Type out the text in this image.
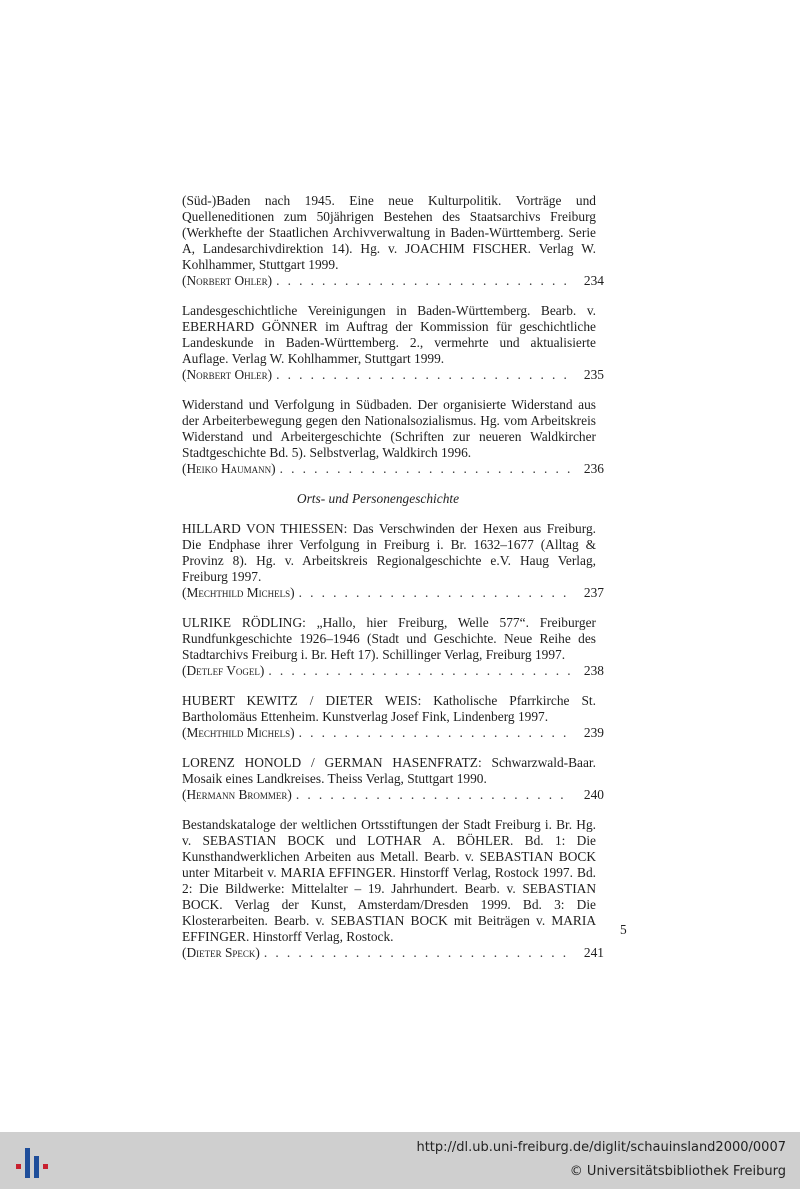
(Süd-)Baden nach 1945. Eine neue Kulturpolitik. Vorträge und Quelleneditionen zum 50jährigen Bestehen des Staatsarchivs Freiburg (Werkhefte der Staatlichen Archivverwaltung in Baden-Württemberg. Serie A, Landesarchivdirektion 14). Hg. v. JOACHIM FISCHER. Verlag W. Kohlhammer, Stuttgart 1999.

(Norbert Ohler) . . .	234

Landesgeschichtliche Vereinigungen in Baden-Württemberg. Bearb. v. EBERHARD GÖNNER im Auftrag der Kommission für geschichtliche Landeskunde in Baden-Württemberg. 2., vermehrte und aktualisierte Auflage. Verlag W. Kohlhammer, Stuttgart 1999.

(Norbert Ohler) . . .	235

Widerstand und Verfolgung in Südbaden. Der organisierte Widerstand aus der Arbeiterbewegung gegen den Nationalsozialismus. Hg. vom Arbeitskreis Widerstand und Arbeitergeschichte (Schriften zur neueren Waldkircher Stadtgeschichte Bd. 5). Selbstverlag, Waldkirch 1996.

(Heiko Haumann) . . .	236
Orts- und Personengeschichte

HILLARD VON THIESSEN: Das Verschwinden der Hexen aus Freiburg. Die Endphase ihrer Verfolgung in Freiburg i. Br. 1632–1677 (Alltag & Provinz 8). Hg. v. Arbeitskreis Regionalgeschichte e.V. Haug Verlag, Freiburg 1997.

(Mechthild Michels) . . .	237

ULRIKE RÖDLING: „Hallo, hier Freiburg, Welle 577“. Freiburger Rundfunkgeschichte 1926–1946 (Stadt und Geschichte. Neue Reihe des Stadtarchivs Freiburg i. Br. Heft 17). Schillinger Verlag, Freiburg 1997.

(Detlef Vogel) . . .	238

HUBERT KEWITZ / DIETER WEIS: Katholische Pfarrkirche St. Bartholomäus Ettenheim. Kunstverlag Josef Fink, Lindenberg 1997.

(Mechthild Michels) . . .	239

LORENZ HONOLD / GERMAN HASENFRATZ: Schwarzwald-Baar. Mosaik eines Landkreises. Theiss Verlag, Stuttgart 1990.

(Hermann Brommer) . . .	240

Bestandskataloge der weltlichen Ortsstiftungen der Stadt Freiburg i. Br. Hg. v. SEBASTIAN BOCK und LOTHAR A. BÖHLER. Bd. 1: Die Kunsthandwerklichen Arbeiten aus Metall. Bearb. v. SEBASTIAN BOCK unter Mitarbeit v. MARIA EFFINGER. Hinstorff Verlag, Rostock 1997. Bd. 2: Die Bildwerke: Mittelalter – 19. Jahrhundert. Bearb. v. SEBASTIAN BOCK. Verlag der Kunst, Amsterdam/Dresden 1999. Bd. 3: Die Klosterarbeiten. Bearb. v. SEBASTIAN BOCK mit Beiträgen v. MARIA EFFINGER. Hinstorff Verlag, Rostock.

(Dieter Speck) . . .	241
5
http://dl.ub.uni-freiburg.de/diglit/schauinsland2000/0007
© Universitätsbibliothek Freiburg
